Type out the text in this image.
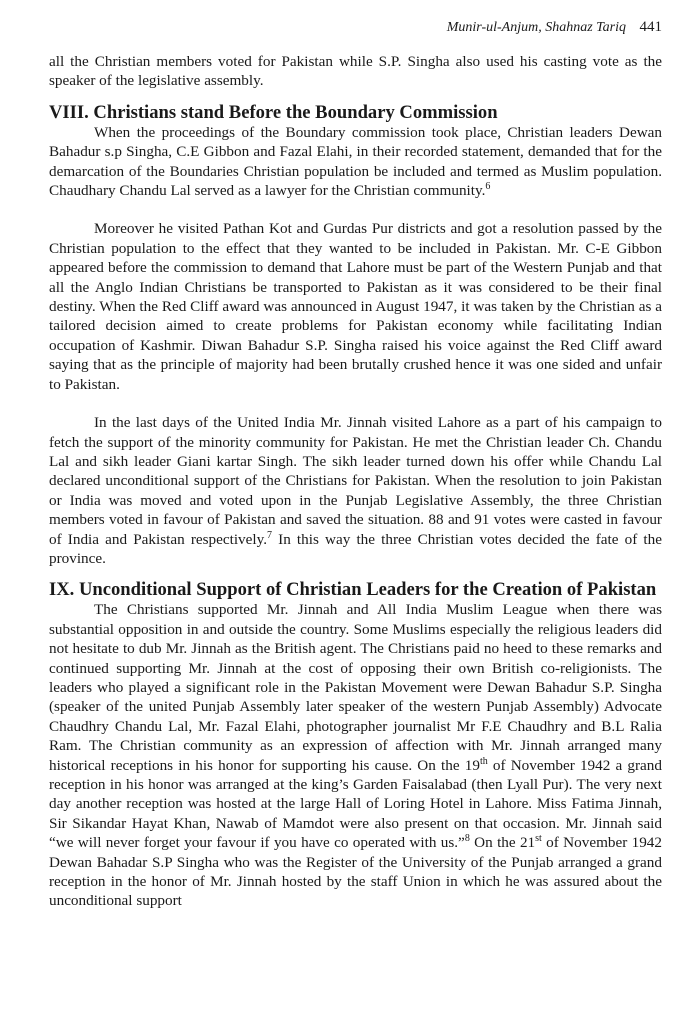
Munir-ul-Anjum, Shahnaz Tariq 441

all the Christian members voted for Pakistan while S.P. Singha also used his casting vote as the speaker of the legislative assembly.

VIII. Christians stand Before the Boundary Commission

When the proceedings of the Boundary commission took place, Christian leaders Dewan Bahadur s.p Singha, C.E Gibbon and Fazal Elahi, in their recorded statement, demanded that for the demarcation of the Boundaries Christian population be included and termed as Muslim population. Chaudhary Chandu Lal served as a lawyer for the Christian community.$^6$

Moreover he visited Pathan Kot and Gurdas Pur districts and got a resolution passed by the Christian population to the effect that they wanted to be included in Pakistan. Mr. C-E Gibbon appeared before the commission to demand that Lahore must be part of the Western Punjab and that all the Anglo Indian Christians be transported to Pakistan as it was considered to be their final destiny. When the Red Cliff award was announced in August 1947, it was taken by the Christian as a tailored decision aimed to create problems for Pakistan economy while facilitating Indian occupation of Kashmir. Diwan Bahadur S.P. Singha raised his voice against the Red Cliff award saying that as the principle of majority had been brutally crushed hence it was one sided and unfair to Pakistan.

In the last days of the United India Mr. Jinnah visited Lahore as a part of his campaign to fetch the support of the minority community for Pakistan. He met the Christian leader Ch. Chandu Lal and sikh leader Giani kartar Singh. The sikh leader turned down his offer while Chandu Lal declared unconditional support of the Christians for Pakistan. When the resolution to join Pakistan or India was moved and voted upon in the Punjab Legislative Assembly, the three Christian members voted in favour of Pakistan and saved the situation. 88 and 91 votes were casted in favour of India and Pakistan respectively.$^7$ In this way the three Christian votes decided the fate of the province.

IX. Unconditional Support of Christian Leaders for the Creation of Pakistan

The Christians supported Mr. Jinnah and All India Muslim League when there was substantial opposition in and outside the country. Some Muslims especially the religious leaders did not hesitate to dub Mr. Jinnah as the British agent. The Christians paid no heed to these remarks and continued supporting Mr. Jinnah at the cost of opposing their own British co-religionists. The leaders who played a significant role in the Pakistan Movement were Dewan Bahadur S.P. Singha (speaker of the united Punjab Assembly later speaker of the western Punjab Assembly) Advocate Chaudhry Chandu Lal, Mr. Fazal Elahi, photographer journalist Mr F.E Chaudhry and B.L Ralia Ram. The Christian community as an expression of affection with Mr. Jinnah arranged many historical receptions in his honor for supporting his cause. On the 19th of November 1942 a grand reception in his honor was arranged at the king’s Garden Faisalabad (then Lyall Pur). The very next day another reception was hosted at the large Hall of Loring Hotel in Lahore. Miss Fatima Jinnah, Sir Sikandar Hayat Khan, Nawab of Mamdot were also present on that occasion. Mr. Jinnah said “we will never forget your favour if you have co operated with us.”$^8$ On the 21st of November 1942 Dewan Bahadar S.P Singha who was the Register of the University of the Punjab arranged a grand reception in the honor of Mr. Jinnah hosted by the staff Union in which he was assured about the unconditional support
